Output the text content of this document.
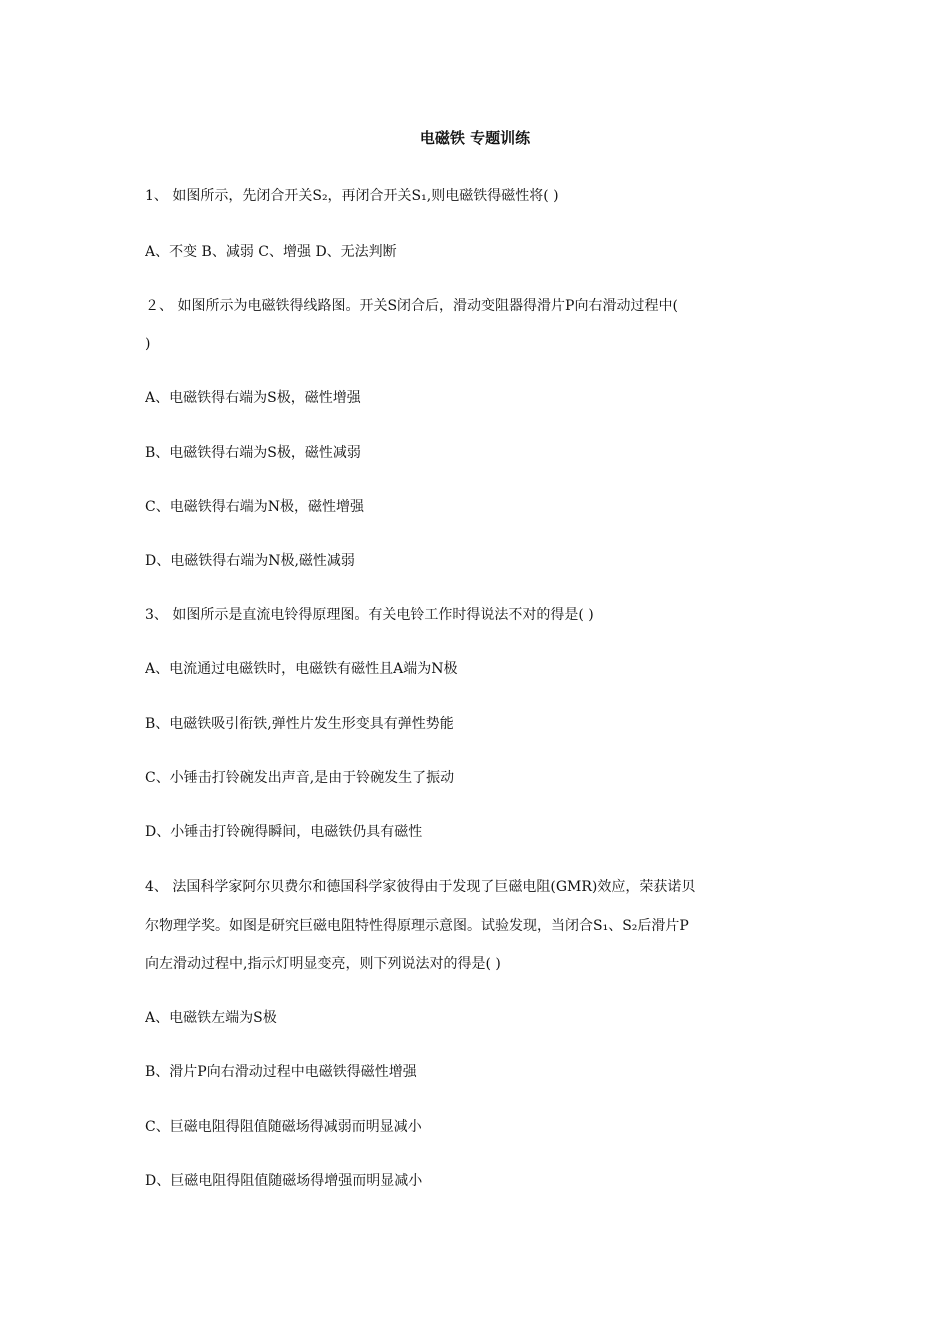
电磁铁 专题训练
1、 如图所示，先闭合开关S₂，再闭合开关S₁,则电磁铁得磁性将( )
A、不变 B、减弱 C、增强 D、无法判断
２、 如图所示为电磁铁得线路图。开关S闭合后，滑动变阻器得滑片P向右滑动过程中(
)
A、电磁铁得右端为S极，磁性增强
B、电磁铁得右端为S极，磁性减弱
C、电磁铁得右端为N极，磁性增强
D、电磁铁得右端为N极,磁性减弱
3、 如图所示是直流电铃得原理图。有关电铃工作时得说法不对的得是( )
A、电流通过电磁铁时，电磁铁有磁性且A端为N极
B、电磁铁吸引衔铁,弹性片发生形变具有弹性势能
C、小锤击打铃碗发出声音,是由于铃碗发生了振动
D、小锤击打铃碗得瞬间，电磁铁仍具有磁性
4、 法国科学家阿尔贝费尔和德国科学家彼得由于发现了巨磁电阻(GMR)效应，荣获诺贝
尔物理学奖。如图是研究巨磁电阻特性得原理示意图。试验发现，当闭合S₁、S₂后滑片P
向左滑动过程中,指示灯明显变亮，则下列说法对的得是( )
A、电磁铁左端为S极
B、滑片P向右滑动过程中电磁铁得磁性增强
C、巨磁电阻得阻值随磁场得减弱而明显减小
D、巨磁电阻得阻值随磁场得增强而明显减小
